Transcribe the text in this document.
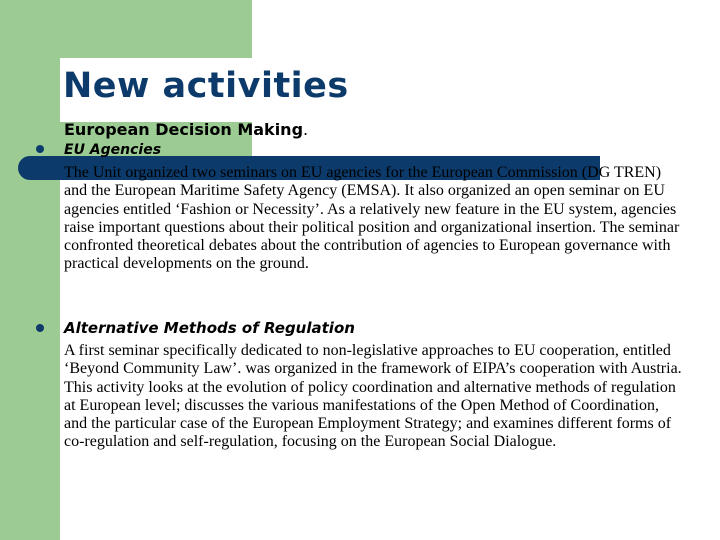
New activities
European Decision Making.
EU Agencies

The Unit organized two seminars on EU agencies for the European Commission (DG TREN) and the European Maritime Safety Agency (EMSA). It also organized an open seminar on EU agencies entitled ‘Fashion or Necessity’. As a relatively new feature in the EU system, agencies raise important questions about their political position and organizational insertion. The seminar confronted theoretical debates about the contribution of agencies to European governance with practical developments on the ground.

Alternative Methods of Regulation

A first seminar specifically dedicated to non-legislative approaches to EU cooperation, entitled ‘Beyond Community Law’. was organized in the framework of EIPA’s cooperation with Austria. This activity looks at the evolution of policy coordination and alternative methods of regulation at European level; discusses the various manifestations of the Open Method of Coordination, and the particular case of the European Employment Strategy; and examines different forms of co-regulation and self-regulation, focusing on the European Social Dialogue.
